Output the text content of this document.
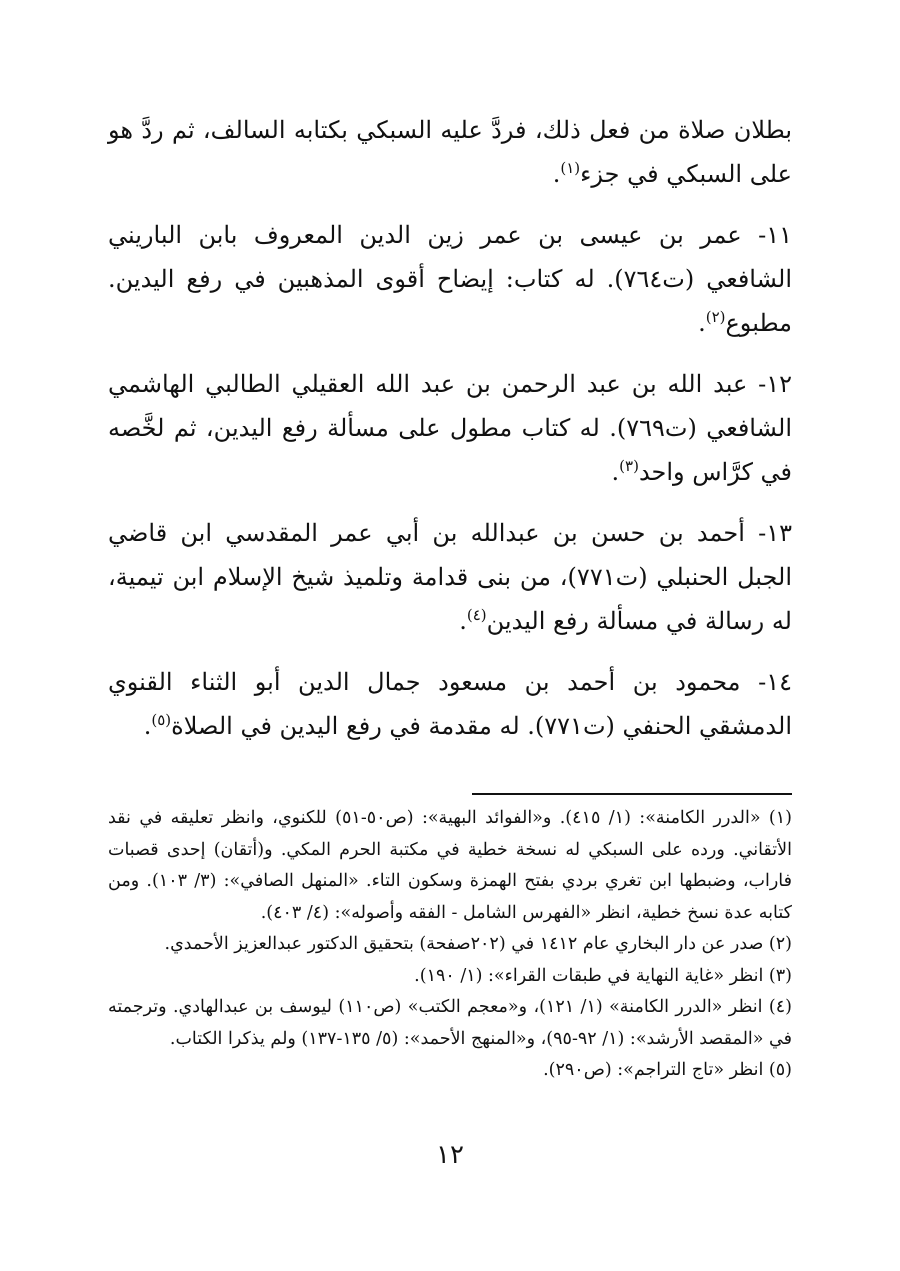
بطلان صلاة من فعل ذلك، فردَّ عليه السبكي بكتابه السالف، ثم ردَّ هو على السبكي في جزء$^{(١)}$.

١١- عمر بن عيسى بن عمر زين الدين المعروف بابن الباريني الشافعي (ت٧٦٤). له كتاب: إيضاح أقوى المذهبين في رفع اليدين. مطبوع$^{(٢)}$.

١٢- عبد الله بن عبد الرحمن بن عبد الله العقيلي الطالبي الهاشمي الشافعي (ت٧٦٩). له كتاب مطول على مسألة رفع اليدين، ثم لخَّصه في كرَّاس واحد$^{(٣)}$.

١٣- أحمد بن حسن بن عبدالله بن أبي عمر المقدسي ابن قاضي الجبل الحنبلي (ت٧٧١)، من بنى قدامة وتلميذ شيخ الإسلام ابن تيمية، له رسالة في مسألة رفع اليدين$^{(٤)}$.

١٤- محمود بن أحمد بن مسعود جمال الدين أبو الثناء القنوي الدمشقي الحنفي (ت٧٧١). له مقدمة في رفع اليدين في الصلاة$^{(٥)}$.

(١) «الدرر الكامنة»: (١/ ٤١٥). و«الفوائد البهية»: (ص٥٠-٥١) للكنوي، وانظر تعليقه في نقد الأتقاني. ورده على السبكي له نسخة خطية في مكتبة الحرم المكي. و(أتقان) إحدى قصبات فاراب، وضبطها ابن تغري بردي بفتح الهمزة وسكون التاء. «المنهل الصافي»: (٣/ ١٠٣). ومن كتابه عدة نسخ خطية، انظر «الفهرس الشامل - الفقه وأصوله»: (٤/ ٤٠٣).

(٢) صدر عن دار البخاري عام ١٤١٢ في (٢٠٢صفحة) بتحقيق الدكتور عبدالعزيز الأحمدي.

(٣) انظر «غاية النهاية في طبقات القراء»: (١/ ١٩٠).

(٤) انظر «الدرر الكامنة» (١/ ١٢١)، و«معجم الكتب» (ص١١٠) ليوسف بن عبدالهادي. وترجمته في «المقصد الأرشد»: (١/ ٩٢-٩٥)، و«المنهج الأحمد»: (٥/ ١٣٥-١٣٧) ولم يذكرا الكتاب.

(٥) انظر «تاج التراجم»: (ص٢٩٠).

١٢
